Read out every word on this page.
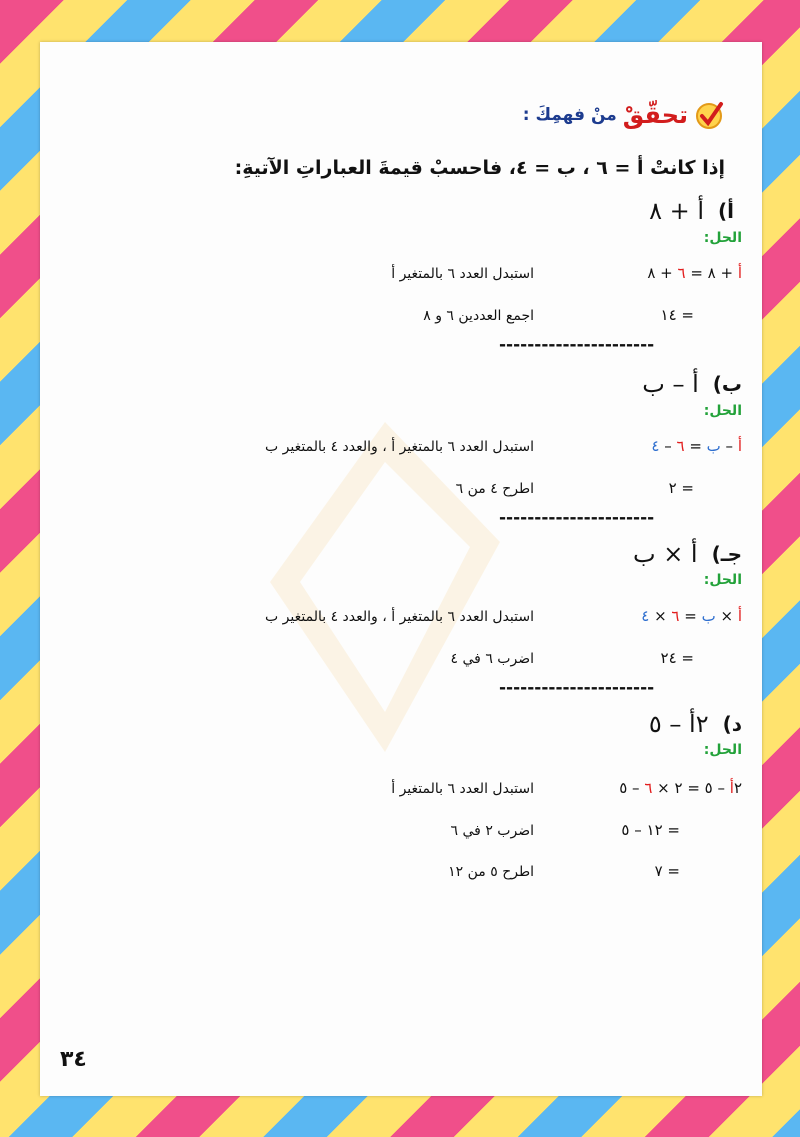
تحقّقْ
منْ فهمِكَ :
إذا كانتْ أ = ٦ ، ب = ٤، فاحسبْ قيمةَ العباراتِ الآتيةِ:
أ)
أ + ٨
الحل:
أ + ٨ = ٦ + ٨
استبدل العدد ٦ بالمتغير أ
= ١٤
اجمع العددين ٦ و ٨
----------------------
ب)
أ – ب
الحل:
أ – ب = ٦ – ٤
استبدل العدد ٦ بالمتغير أ ، والعدد ٤ بالمتغير ب
= ٢
اطرح ٤ من ٦
----------------------
جـ)
أ × ب
الحل:
أ × ب = ٦ × ٤
استبدل العدد ٦ بالمتغير أ ، والعدد ٤ بالمتغير ب
= ٢٤
اضرب ٦ في ٤
----------------------
د)
٢أ – ٥
الحل:
٢أ – ٥ = ٢ × ٦ – ٥
استبدل العدد ٦ بالمتغير أ
= ١٢ – ٥
اضرب ٢ في ٦
= ٧
اطرح ٥ من ١٢
٣٤
